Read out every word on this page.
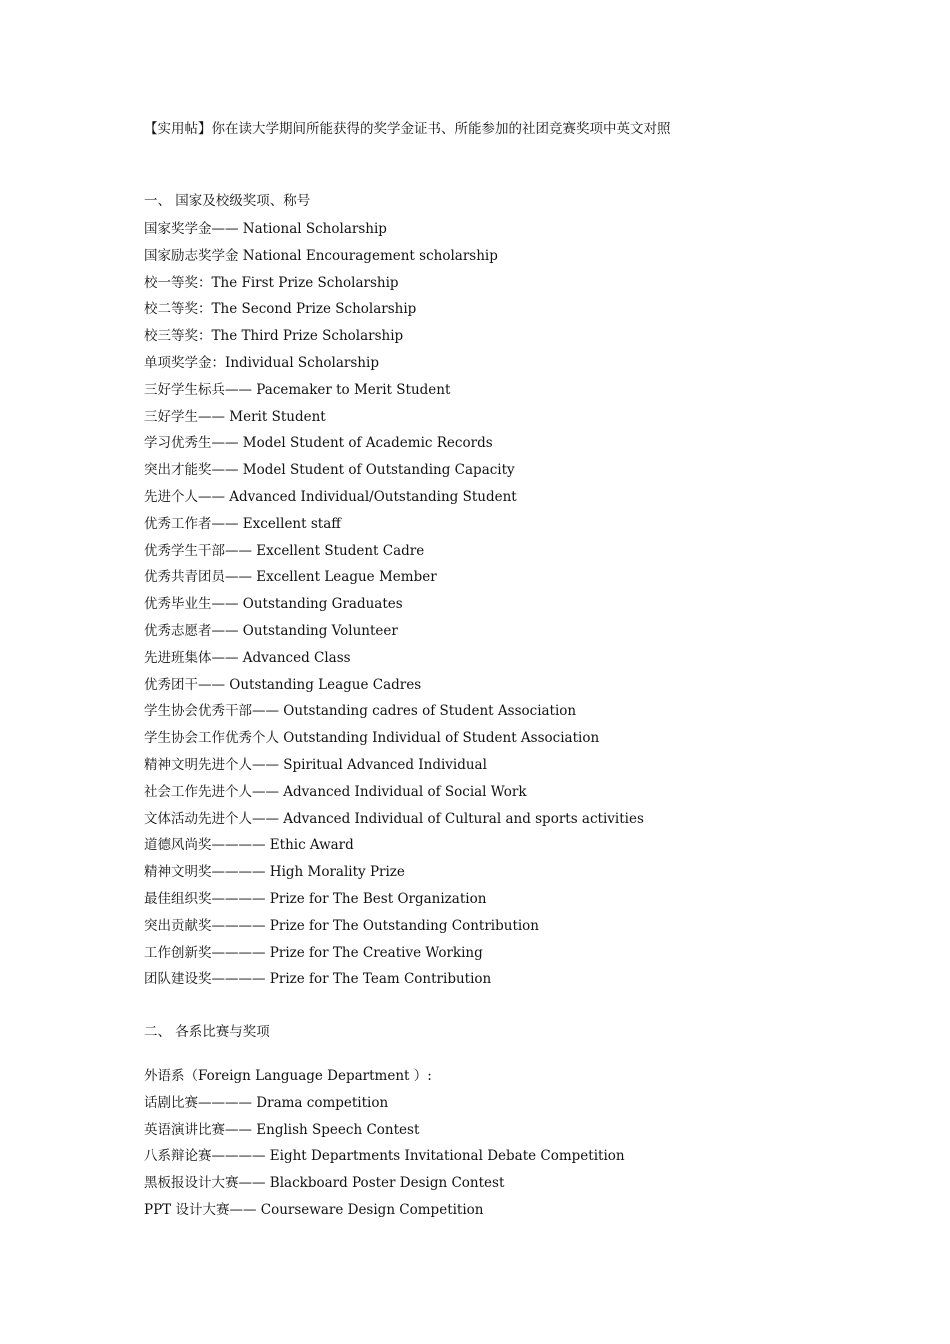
【实用帖】你在读大学期间所能获得的奖学金证书、所能参加的社团竞赛奖项中英文对照
一、 国家及校级奖项、称号
国家奖学金—— National Scholarship
国家励志奖学金 National Encouragement scholarship
校一等奖：The First Prize Scholarship
校二等奖：The Second Prize Scholarship
校三等奖：The Third Prize Scholarship
单项奖学金：Individual Scholarship
三好学生标兵—— Pacemaker to Merit Student
三好学生—— Merit Student
学习优秀生—— Model Student of Academic Records
突出才能奖—— Model Student of Outstanding Capacity
先进个人—— Advanced Individual/Outstanding Student
优秀工作者—— Excellent staff
优秀学生干部—— Excellent Student Cadre
优秀共青团员—— Excellent League Member
优秀毕业生—— Outstanding Graduates
优秀志愿者—— Outstanding Volunteer
先进班集体—— Advanced Class
优秀团干—— Outstanding League Cadres
学生协会优秀干部—— Outstanding cadres of Student Association
学生协会工作优秀个人 Outstanding Individual of Student Association
精神文明先进个人—— Spiritual Advanced Individual
社会工作先进个人—— Advanced Individual of Social Work
文体活动先进个人—— Advanced Individual of Cultural and sports activities
道德风尚奖———— Ethic Award
精神文明奖———— High Morality Prize
最佳组织奖———— Prize for The Best Organization
突出贡献奖———— Prize for The Outstanding Contribution
工作创新奖———— Prize for The Creative Working
团队建设奖———— Prize for The Team Contribution
二、 各系比赛与奖项
外语系（Foreign Language Department ）:
话剧比赛———— Drama competition
英语演讲比赛—— English Speech Contest
八系辩论赛———— Eight Departments Invitational Debate Competition
黑板报设计大赛—— Blackboard Poster Design Contest
PPT 设计大赛—— Courseware Design Competition
